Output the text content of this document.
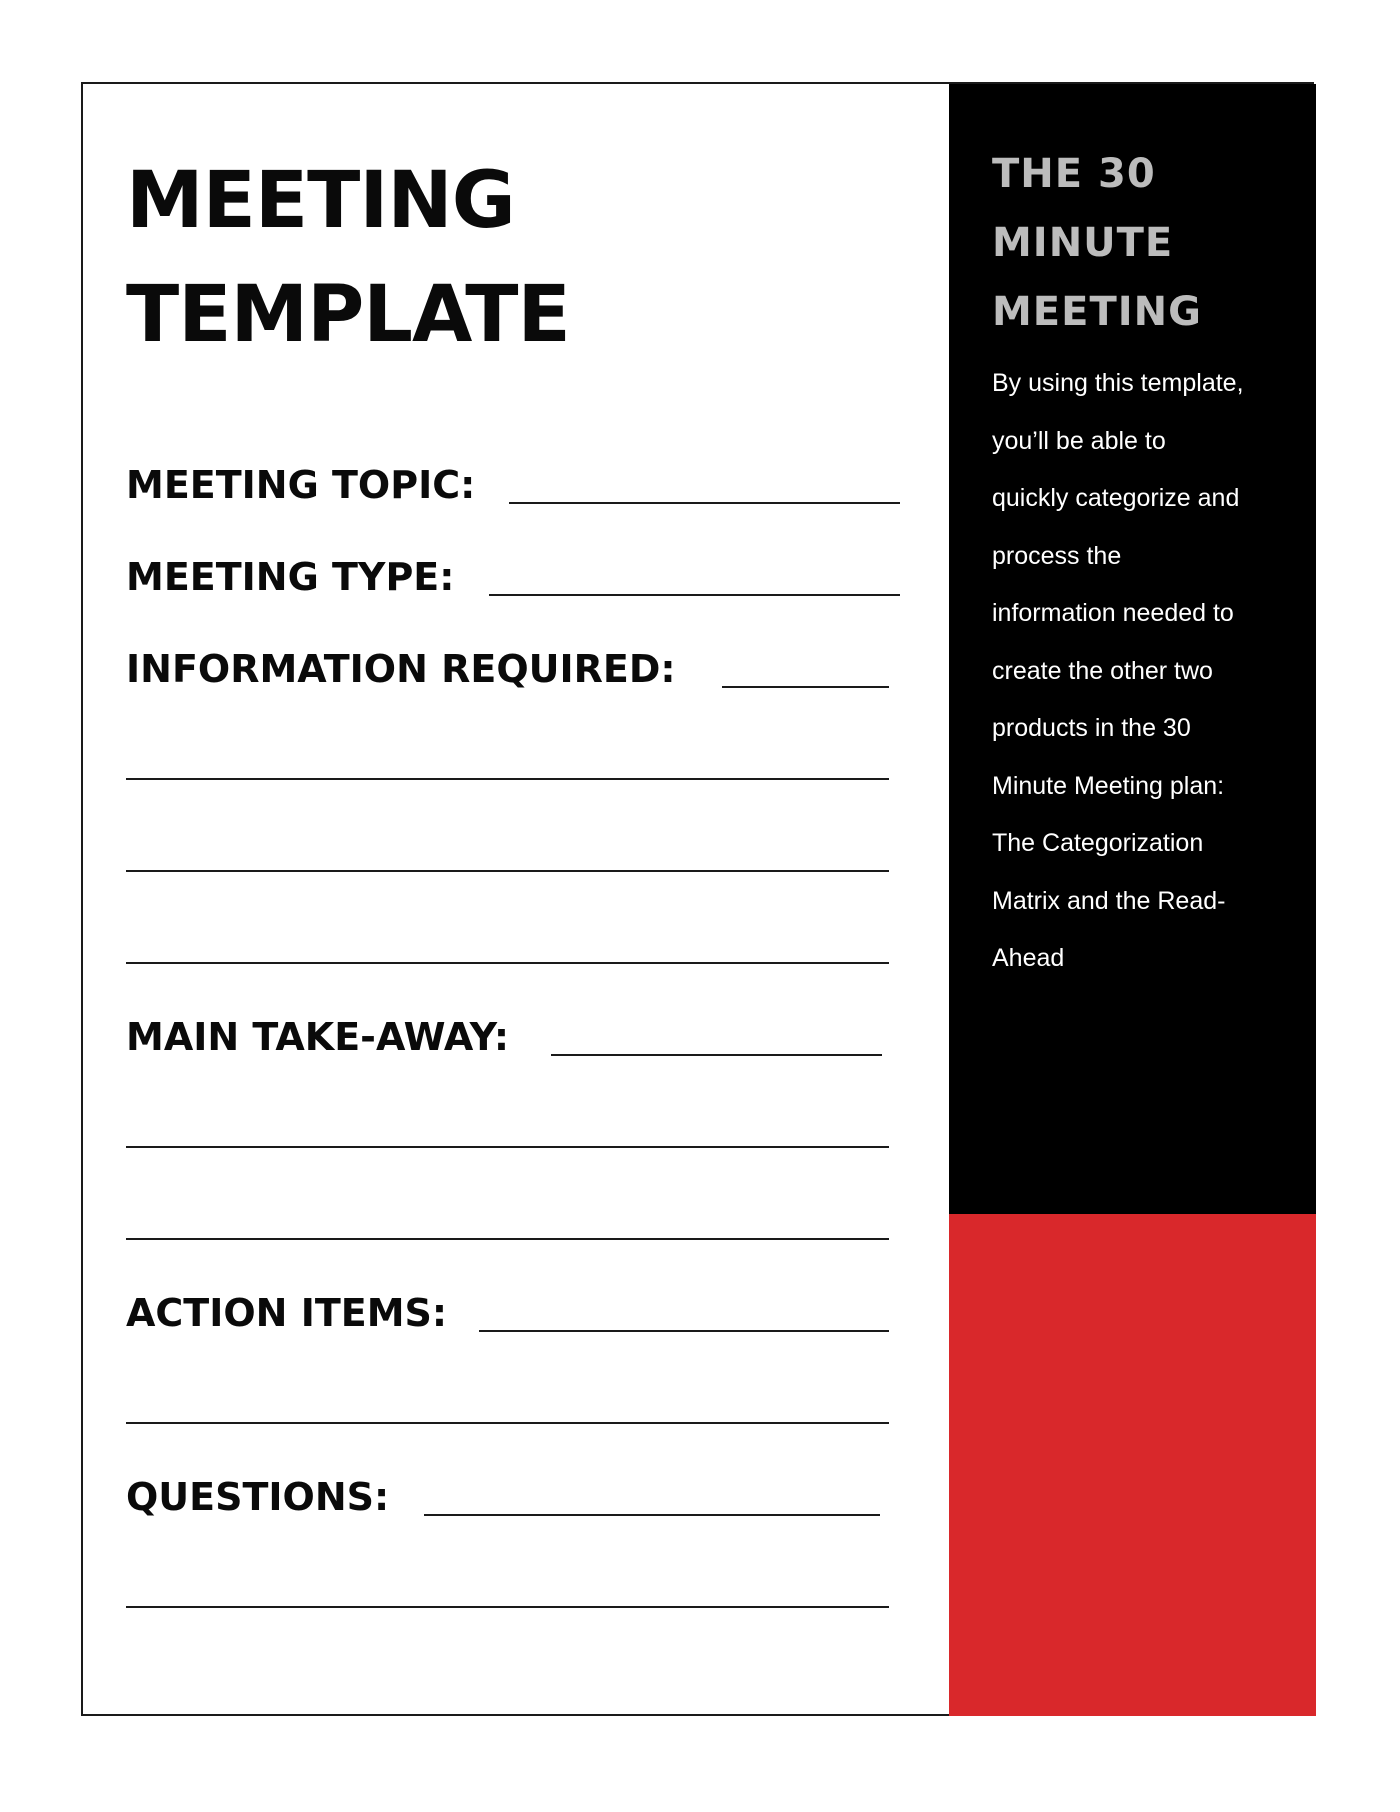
MEETING
TEMPLATE

MEETING TOPIC:

MEETING TYPE:

INFORMATION REQUIRED:

MAIN TAKE-AWAY:

ACTION ITEMS:

QUESTIONS:

THE 30
MINUTE
MEETING

By using this template,
you’ll be able to
quickly categorize and
process the
information needed to
create the other two
products in the 30
Minute Meeting plan:
The Categorization
Matrix and the Read-
Ahead
